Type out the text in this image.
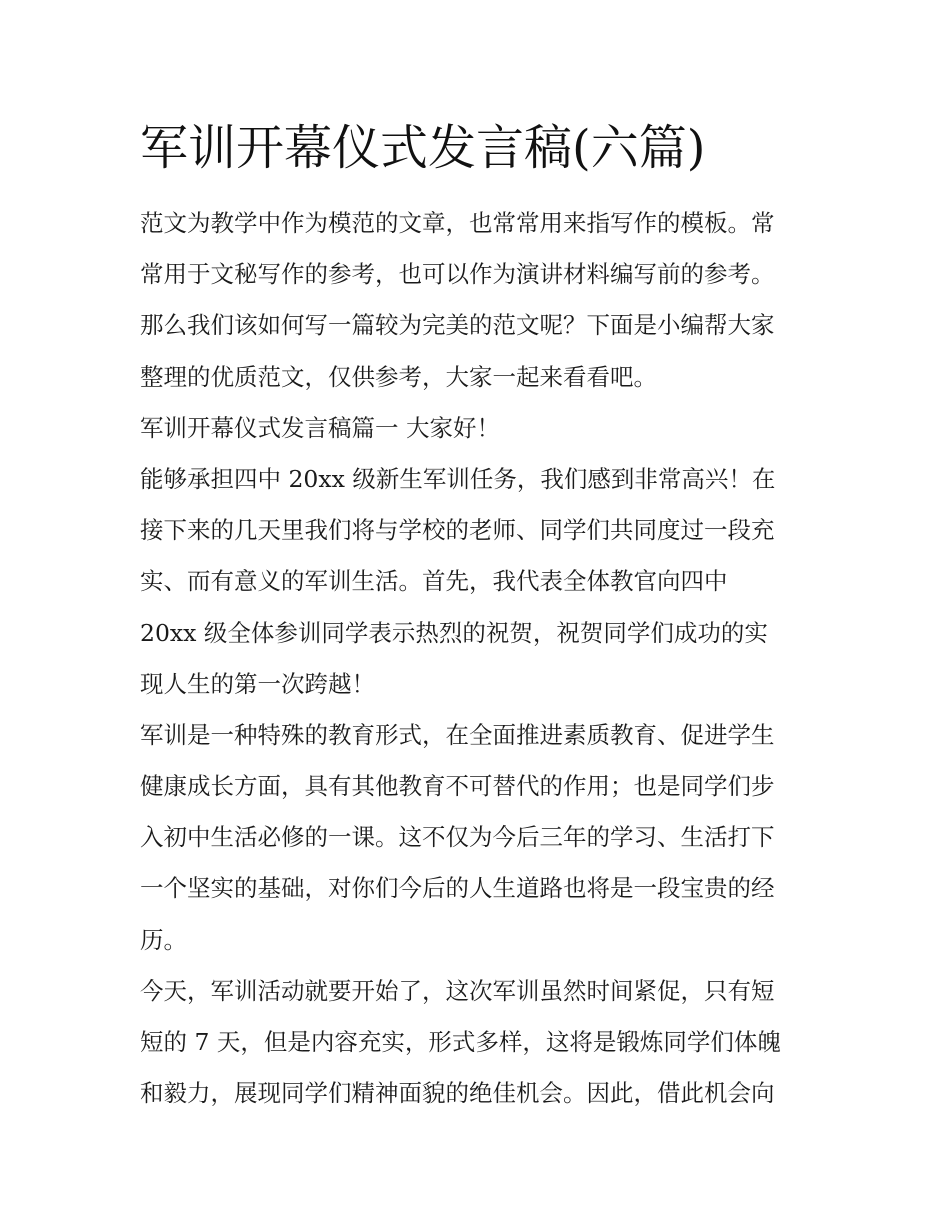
军训开幕仪式发言稿(六篇)
范文为教学中作为模范的文章，也常常用来指写作的模板。常
常用于文秘写作的参考，也可以作为演讲材料编写前的参考。
那么我们该如何写一篇较为完美的范文呢？下面是小编帮大家
整理的优质范文，仅供参考，大家一起来看看吧。
军训开幕仪式发言稿篇一 大家好！
能够承担四中 20xx 级新生军训任务，我们感到非常高兴！在
接下来的几天里我们将与学校的老师、同学们共同度过一段充
实、而有意义的军训生活。首先，我代表全体教官向四中
20xx 级全体参训同学表示热烈的祝贺，祝贺同学们成功的实
现人生的第一次跨越！
军训是一种特殊的教育形式，在全面推进素质教育、促进学生
健康成长方面，具有其他教育不可替代的作用；也是同学们步
入初中生活必修的一课。这不仅为今后三年的学习、生活打下
一个坚实的基础，对你们今后的人生道路也将是一段宝贵的经
历。
今天，军训活动就要开始了，这次军训虽然时间紧促，只有短
短的 7 天，但是内容充实，形式多样，这将是锻炼同学们体魄
和毅力，展现同学们精神面貌的绝佳机会。因此，借此机会向
